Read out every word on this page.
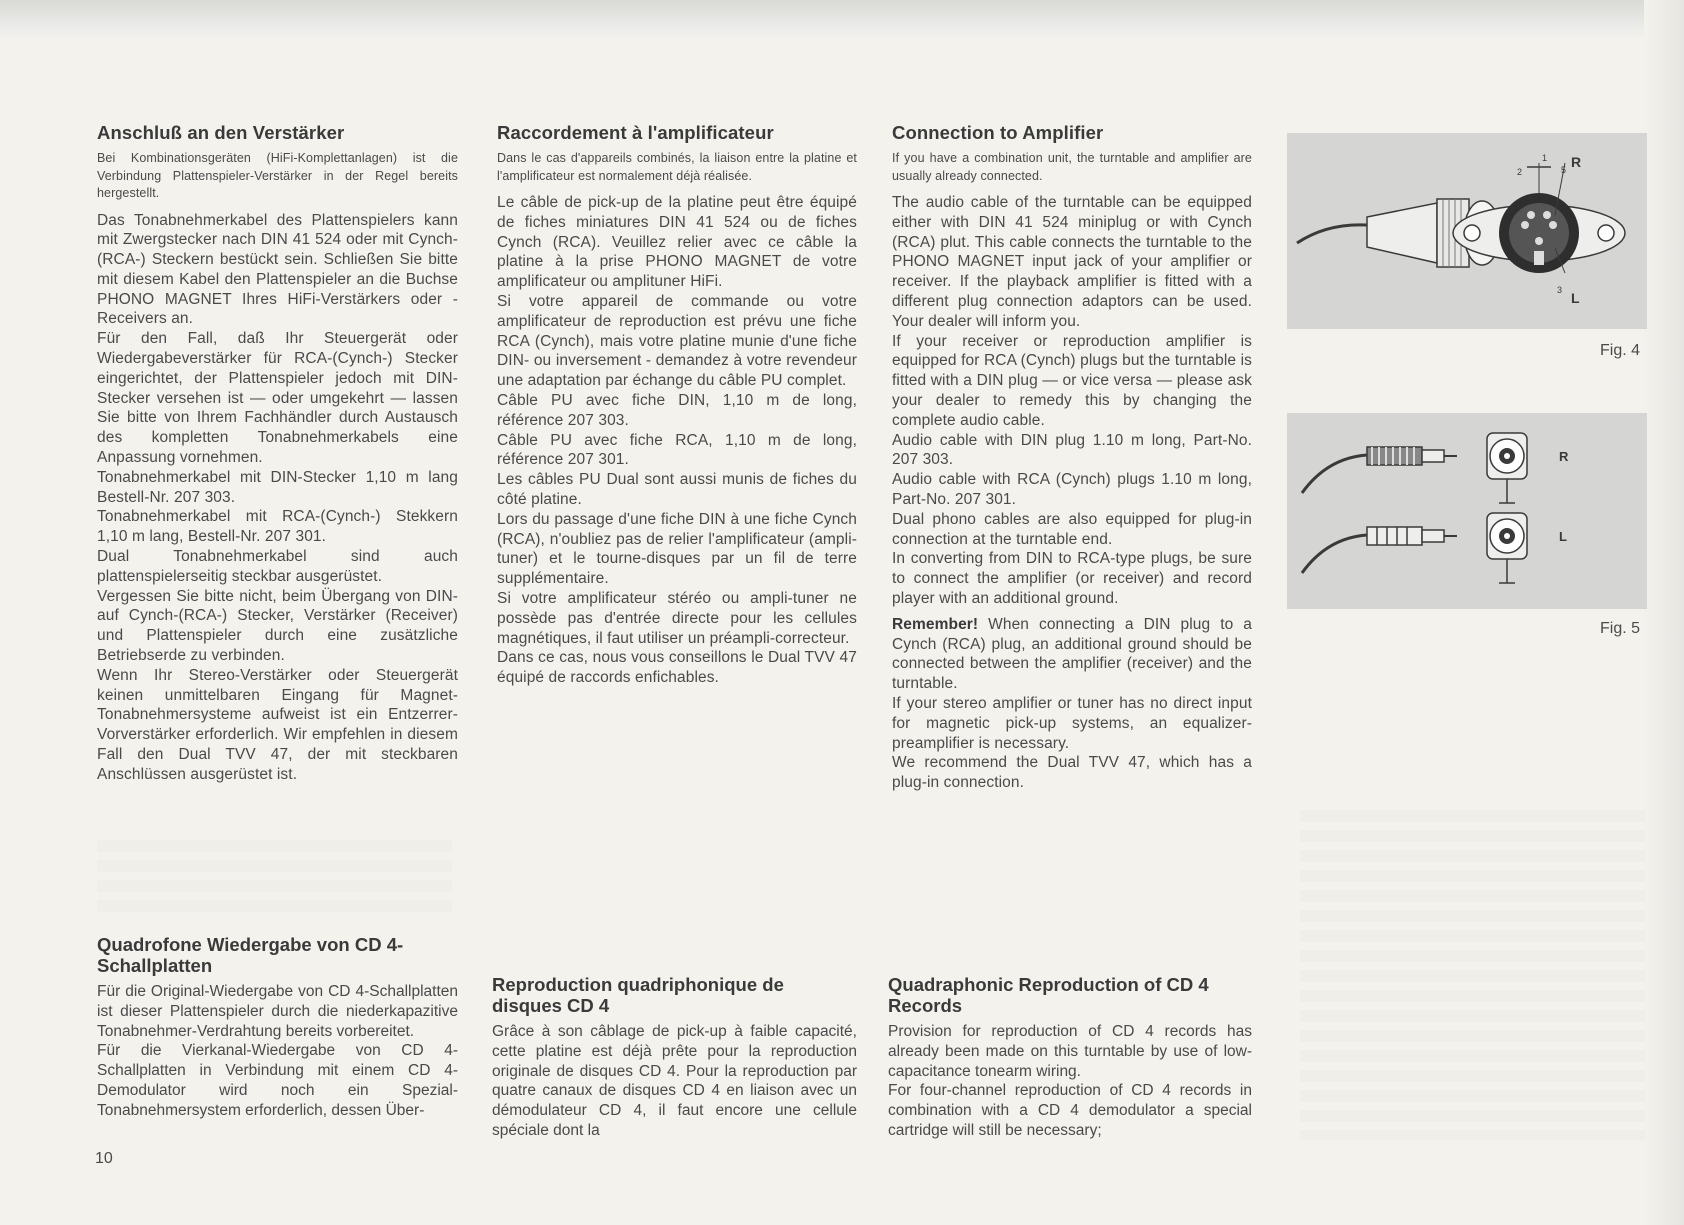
Anschluß an den Verstärker

Bei Kombinationsgeräten (HiFi-Komplettanlagen) ist die Verbindung Plattenspieler-Verstärker in der Regel bereits hergestellt.

Das Tonabnehmerkabel des Plattenspielers kann mit Zwergstecker nach DIN 41 524 oder mit Cynch-(RCA-) Steckern bestückt sein. Schließen Sie bitte mit diesem Kabel den Plattenspieler an die Buchse PHONO MAGNET Ihres HiFi-Verstärkers oder -Receivers an.

Für den Fall, daß Ihr Steuergerät oder Wiedergabeverstärker für RCA-(Cynch-) Stecker eingerichtet, der Plattenspieler jedoch mit DIN-Stecker versehen ist — oder umgekehrt — lassen Sie bitte von Ihrem Fachhändler durch Austausch des kompletten Tonabnehmerkabels eine Anpassung vornehmen.

Tonabnehmerkabel mit DIN-Stecker 1,10 m lang Bestell-Nr. 207 303.

Tonabnehmerkabel mit RCA-(Cynch-) Stekkern 1,10 m lang, Bestell-Nr. 207 301.

Dual Tonabnehmerkabel sind auch plattenspielerseitig steckbar ausgerüstet.

Vergessen Sie bitte nicht, beim Übergang von DIN- auf Cynch-(RCA-) Stecker, Verstärker (Receiver) und Plattenspieler durch eine zusätzliche Betriebserde zu verbinden.

Wenn Ihr Stereo-Verstärker oder Steuergerät keinen unmittelbaren Eingang für Magnet-Tonabnehmersysteme aufweist ist ein Entzerrer-Vorverstärker erforderlich. Wir empfehlen in diesem Fall den Dual TVV 47, der mit steckbaren Anschlüssen ausgerüstet ist.

Quadrofone Wiedergabe von CD 4-Schallplatten

Für die Original-Wiedergabe von CD 4-Schallplatten ist dieser Plattenspieler durch die niederkapazitive Tonabnehmer-Verdrahtung bereits vorbereitet.

Für die Vierkanal-Wiedergabe von CD 4-Schallplatten in Verbindung mit einem CD 4-Demodulator wird noch ein Spezial-Tonabnehmersystem erforderlich, dessen Über-

Raccordement à l'amplificateur

Dans le cas d'appareils combinés, la liaison entre la platine et l'amplificateur est normalement déjà réalisée.

Le câble de pick-up de la platine peut être équipé de fiches miniatures DIN 41 524 ou de fiches Cynch (RCA). Veuillez relier avec ce câble la platine à la prise PHONO MAGNET de votre amplificateur ou amplituner HiFi.

Si votre appareil de commande ou votre amplificateur de reproduction est prévu une fiche RCA (Cynch), mais votre platine munie d'une fiche DIN- ou inversement - demandez à votre revendeur une adaptation par échange du câble PU complet.

Câble PU avec fiche DIN, 1,10 m de long, référence 207 303.

Câble PU avec fiche RCA, 1,10 m de long, référence 207 301.

Les câbles PU Dual sont aussi munis de fiches du côté platine.

Lors du passage d'une fiche DIN à une fiche Cynch (RCA), n'oubliez pas de relier l'amplificateur (ampli-tuner) et le tourne-disques par un fil de terre supplémentaire.

Si votre amplificateur stéréo ou ampli-tuner ne possède pas d'entrée directe pour les cellules magnétiques, il faut utiliser un préampli-correcteur.

Dans ce cas, nous vous conseillons le Dual TVV 47 équipé de raccords enfichables.

Reproduction quadriphonique de disques CD 4

Grâce à son câblage de pick-up à faible capacité, cette platine est déjà prête pour la reproduction originale de disques CD 4. Pour la reproduction par quatre canaux de disques CD 4 en liaison avec un démodulateur CD 4, il faut encore une cellule spéciale dont la

Connection to Amplifier

If you have a combination unit, the turntable and amplifier are usually already connected.

The audio cable of the turntable can be equipped either with DIN 41 524 miniplug or with Cynch (RCA) plut. This cable connects the turntable to the PHONO MAGNET input jack of your amplifier or receiver. If the playback amplifier is fitted with a different plug connection adaptors can be used. Your dealer will inform you.

If your receiver or reproduction amplifier is equipped for RCA (Cynch) plugs but the turntable is fitted with a DIN plug — or vice versa — please ask your dealer to remedy this by changing the complete audio cable.

Audio cable with DIN plug 1.10 m long, Part-No. 207 303.

Audio cable with RCA (Cynch) plugs 1.10 m long, Part-No. 207 301.

Dual phono cables are also equipped for plug-in connection at the turntable end.

In converting from DIN to RCA-type plugs, be sure to connect the amplifier (or receiver) and record player with an additional ground.

Remember! When connecting a DIN plug to a Cynch (RCA) plug, an additional ground should be connected between the amplifier (receiver) and the turntable.

If your stereo amplifier or tuner has no direct input for magnetic pick-up systems, an equalizer-preamplifier is necessary.

We recommend the Dual TVV 47, which has a plug-in connection.

Quadraphonic Reproduction of CD 4 Records

Provision for reproduction of CD 4 records has already been made on this turntable by use of low-capacitance tonearm wiring.

For four-channel reproduction of CD 4 records in combination with a CD 4 demodulator a special cartridge will still be necessary;

2
1
5
3
R
L
Fig. 4
R
L
Fig. 5
10
